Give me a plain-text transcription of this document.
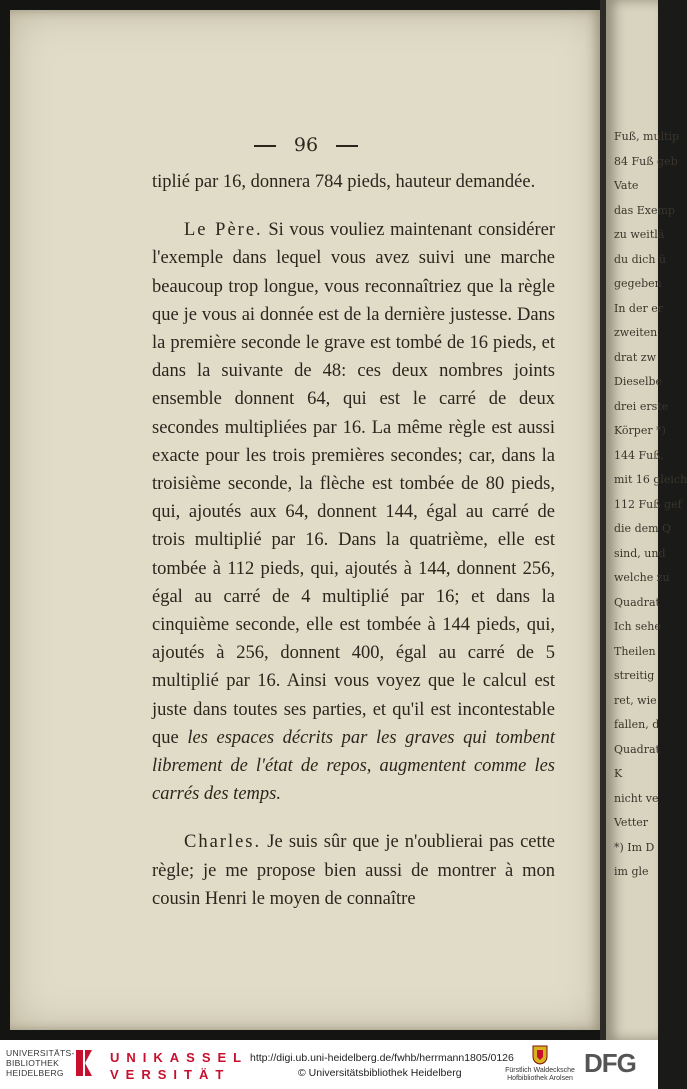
96

tiplié par 16, donnera 784 pieds, hauteur demandée.

Le Père. Si vous vouliez maintenant considérer l'exemple dans lequel vous avez suivi une marche beaucoup trop longue, vous reconnaîtriez que la règle que je vous ai donnée est de la dernière justesse. Dans la première seconde le grave est tombé de 16 pieds, et dans la suivante de 48: ces deux nombres joints ensemble donnent 64, qui est le carré de deux secondes multipliées par 16. La même règle est aussi exacte pour les trois premières secondes; car, dans la troisième seconde, la flèche est tombée de 80 pieds, qui, ajoutés aux 64, donnent 144, égal au carré de trois multiplié par 16. Dans la quatrième, elle est tombée à 112 pieds, qui, ajoutés à 144, donnent 256, égal au carré de 4 multiplié par 16; et dans la cinquième seconde, elle est tombée à 144 pieds, qui, ajoutés à 256, donnent 400, égal au carré de 5 multiplié par 16. Ainsi vous voyez que le calcul est juste dans toutes ses parties, et qu'il est incontestable que les espaces décrits par les graves qui tombent librement de l'état de repos, augmentent comme les carrés des temps.

Charles. Je suis sûr que je n'oublierai pas cette règle; je me propose bien aussi de montrer à mon cousin Henri le moyen de connaître

Fuß, multip
84 Fuß geb
Vate
das Exemp
zu weitlä
du dich ü
gegeben
In der er
zweiten
drat zw
Dieselbe
drei erste
Körper *)
144 Fuß,
mit 16 gleich
112 Fuß gef
die dem Q
sind, und
welche zu
Quadrat
Ich sehe
Theilen
streitig
ret, wie
fallen, d
Quadrat
K
nicht ve
Vetter
*) Im D
im gle
UNIVERSITÄTS-
BIBLIOTHEK
HEIDELBERG
UNIKASSEL
VERSITÄT
http://digi.ub.uni-heidelberg.de/fwhb/herrmann1805/0126
© Universitätsbibliothek Heidelberg	Fürstlich Waldecksche
Hofbibliothek Arolsen
DFG
